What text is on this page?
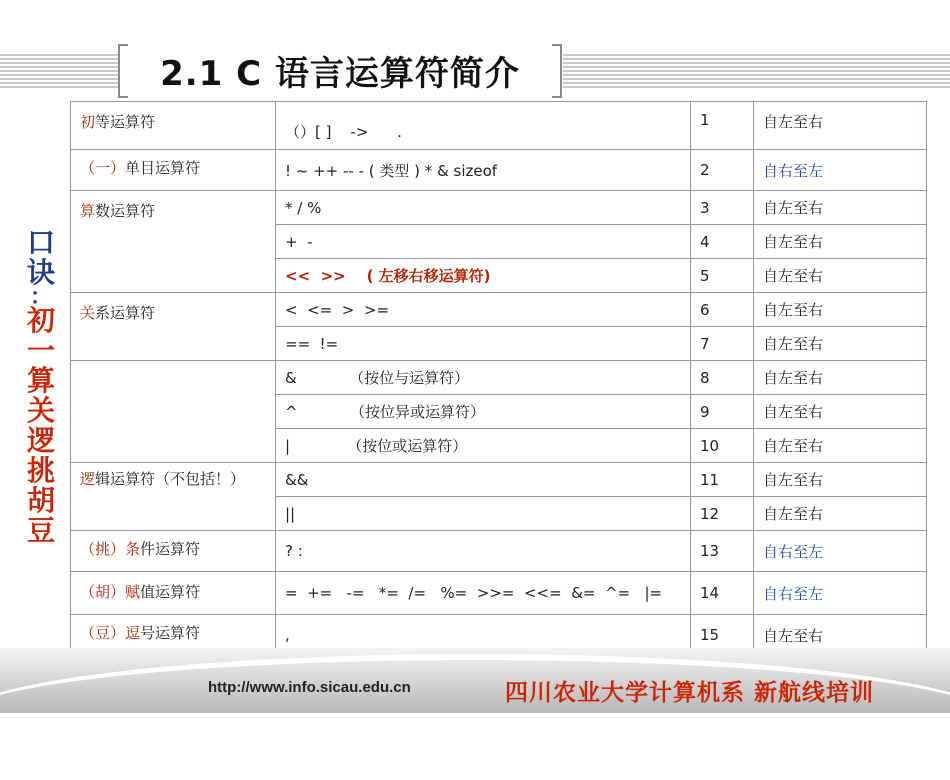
2.1 C 语言运算符简介
口
诀
：
初
一
算
关
逻
挑
胡
豆
初等运算符	（）[ ]    ->      .	1	自左至右
（一）单目运算符	! ~ ++ -- - ( 类型 ) * & sizeof	2	自右至左
算数运算符	* / %	3	自左至右
	+  -	4	自左至右
	<<  >>    ( 左移右移运算符)	5	自左至右
关系运算符	<  <=  >  >=	6	自左至右
	==  !=	7	自左至右
	&           （按位与运算符）	8	自左至右
	^           （按位异或运算符）	9	自左至右
	|            （按位或运算符）	10	自左至右
逻辑运算符（不包括！）	&&	11	自左至右
	||	12	自左至右
（挑）条件运算符	? :	13	自右至左
（胡）赋值运算符	=  +=   -=   *=  /=   %=  >>=  <<=  &=  ^=   |=	14	自右至左
（豆）逗号运算符	,	15	自左至右
http://www.info.sicau.edu.cn	四川农业大学计算机系 新航线培训
